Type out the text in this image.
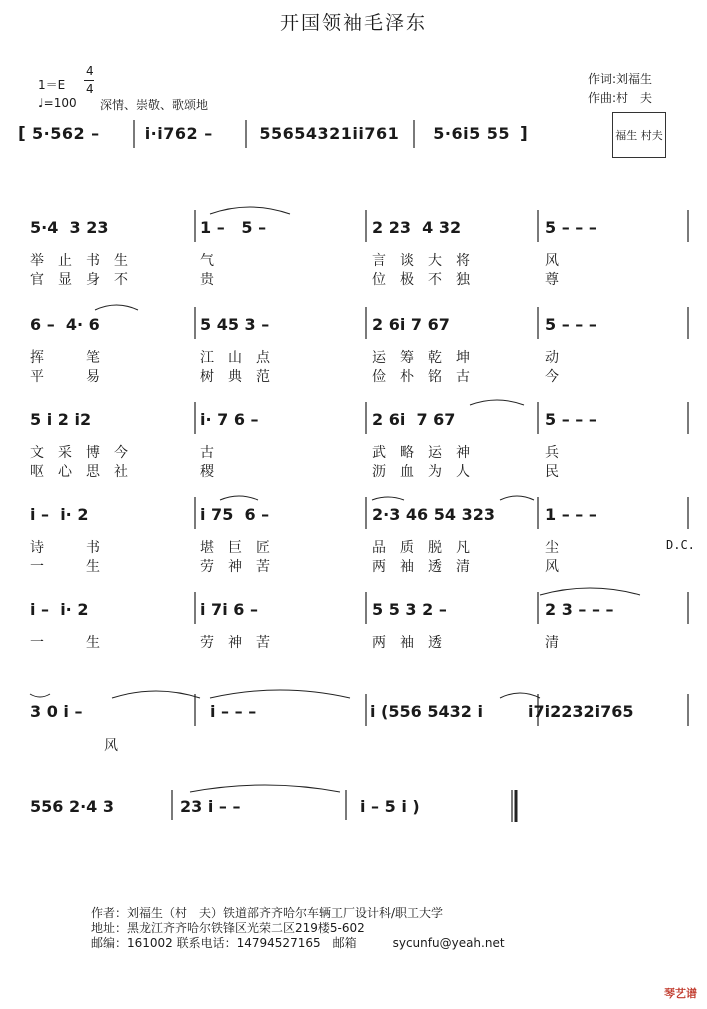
开国领袖毛泽东
1＝E
4
4
♩=100 深情、崇敬、歌颂地
作词:刘福生
作曲:村　夫
福生 村夫
[	]
5·562 –	i·i762 –	55654321ii761	5·6i5 55
5·4  3 23	1 –   5 –	2 23  4 32	5 – – –
举止书生	气	言谈大将	风
官显身不	贵	位极不独	尊
6 –  4· 6	5 45 3 –	2 6i 7 67	5 – – –
挥　笔	江山点	运筹乾坤	动
平　易	树典范	俭朴铭古	今
5 i 2 i2	i· 7 6 –	2 6i  7 67	5 – – –
文采博今	古	武略运神	兵
呕心思社	稷	沥血为人	民
i –  i· 2	i 75  6 –	2·3 46 54 323	1 – – –
诗　书	堪巨匠	品质脱凡	尘
一　生	劳神苦	两袖透清	风
i –  i· 2	i 7i 6 –	5 5 3 2 –	2 3 – – –
一　生	劳神苦	两袖透	清
3 0 i –	i – – –	i (556 5432 i	i7i2232i765
风
556 2·4 3	23 i – –	i – 5 i )
D.C.
作者：刘福生（村　夫）铁道部齐齐哈尔车辆工厂设计科/职工大学
地址：黑龙江齐齐哈尔铁锋区光荣二区219楼5-602
邮编：161002 联系电话：14794527165　邮箱　　　sycunfu@yeah.net
琴艺谱
